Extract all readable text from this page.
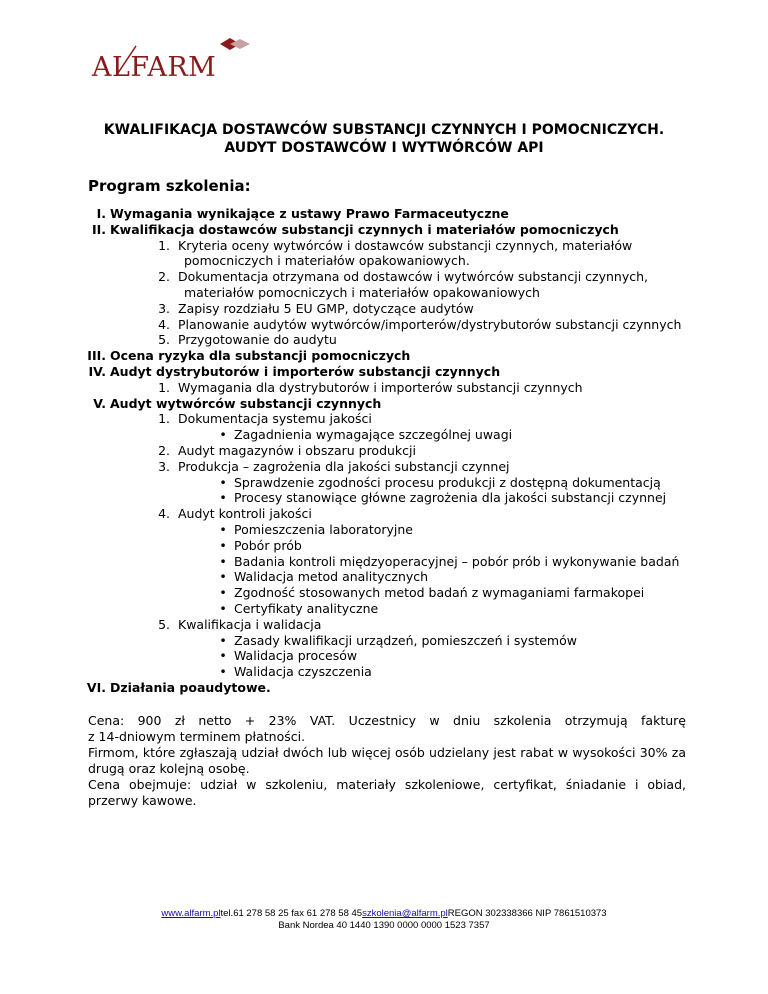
ALFARM
KWALIFIKACJA DOSTAWCÓW SUBSTANCJI CZYNNYCH I POMOCNICZYCH.
AUDYT DOSTAWCÓW I WYTWÓRCÓW API
Program szkolenia:
I. Wymagania wynikające z ustawy Prawo Farmaceutyczne
II. Kwalifikacja dostawców substancji czynnych i materiałów pomocniczych
1. Kryteria oceny wytwórców i dostawców substancji czynnych, materiałów
pomocniczych i materiałów opakowaniowych.
2. Dokumentacja otrzymana od dostawców i wytwórców substancji czynnych,
materiałów pomocniczych i materiałów opakowaniowych
3. Zapisy rozdziału 5 EU GMP, dotyczące audytów
4. Planowanie audytów wytwórców/importerów/dystrybutorów substancji czynnych
5. Przygotowanie do audytu
III. Ocena ryzyka dla substancji pomocniczych
IV. Audyt dystrybutorów i importerów substancji czynnych
1. Wymagania dla dystrybutorów i importerów substancji czynnych
V. Audyt wytwórców substancji czynnych
1. Dokumentacja systemu jakości
• Zagadnienia wymagające szczególnej uwagi
2. Audyt magazynów i obszaru produkcji
3. Produkcja – zagrożenia dla jakości substancji czynnej
• Sprawdzenie zgodności procesu produkcji z dostępną dokumentacją
• Procesy stanowiące główne zagrożenia dla jakości substancji czynnej
4. Audyt kontroli jakości
• Pomieszczenia laboratoryjne
• Pobór prób
• Badania kontroli międzyoperacyjnej – pobór prób i wykonywanie badań
• Walidacja metod analitycznych
• Zgodność stosowanych metod badań z wymaganiami farmakopei
• Certyfikaty analityczne
5. Kwalifikacja i walidacja
• Zasady kwalifikacji urządzeń, pomieszczeń i systemów
• Walidacja procesów
• Walidacja czyszczenia
VI. Działania poaudytowe.
Cena: 900 zł netto + 23% VAT. Uczestnicy w dniu szkolenia otrzymują fakturę
z 14-dniowym terminem płatności.
Firmom, które zgłaszają udział dwóch lub więcej osób udzielany jest rabat w wysokości 30% za drugą oraz kolejną osobę.
Cena obejmuje: udział w szkoleniu, materiały szkoleniowe, certyfikat, śniadanie i obiad, przerwy kawowe.
www.alfarm.pltel.61 278 58 25 fax 61 278 58 45szkolenia@alfarm.plREGON 302338366 NIP 7861510373
Bank Nordea 40 1440 1390 0000 0000 1523 7357
